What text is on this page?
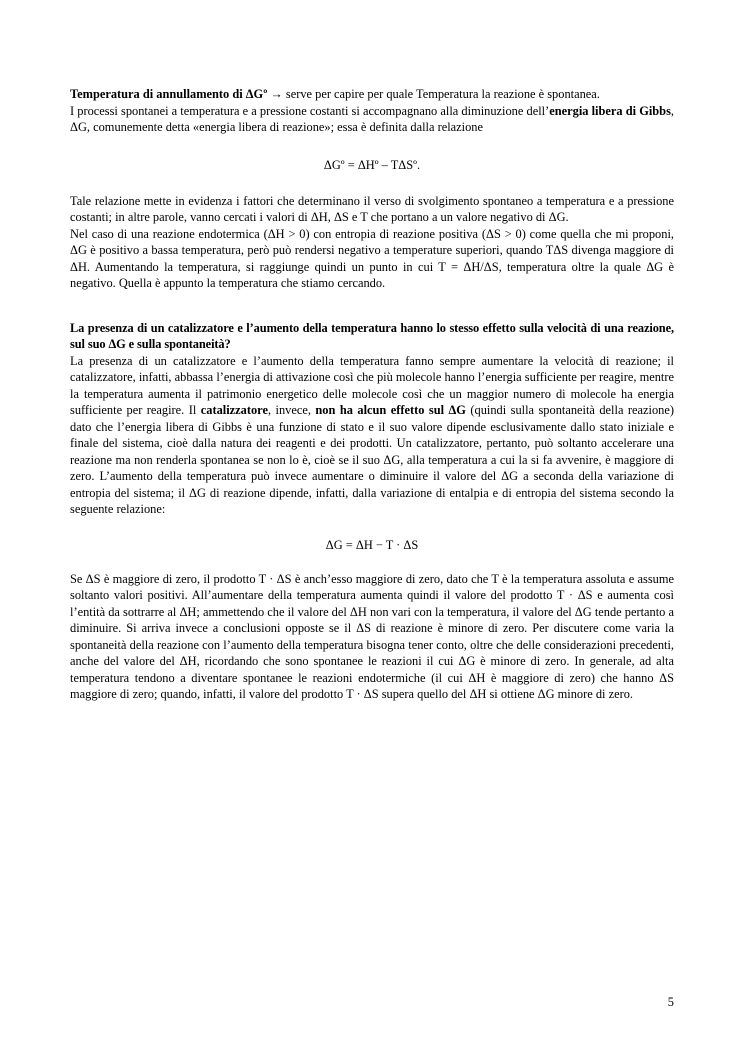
Temperatura di annullamento di ΔGº → serve per capire per quale Temperatura la reazione è spontanea.

I processi spontanei a temperatura e a pressione costanti si accompagnano alla diminuzione dell’energia libera di Gibbs, ΔG, comunemente detta «energia libera di reazione»; essa è definita dalla relazione

ΔGº = ΔHº – TΔSº.

Tale relazione mette in evidenza i fattori che determinano il verso di svolgimento spontaneo a temperatura e a pressione costanti; in altre parole, vanno cercati i valori di ΔH, ΔS e T che portano a un valore negativo di ΔG.

Nel caso di una reazione endotermica (ΔH > 0) con entropia di reazione positiva (ΔS > 0) come quella che mi proponi, ΔG è positivo a bassa temperatura, però può rendersi negativo a temperature superiori, quando TΔS divenga maggiore di ΔH. Aumentando la temperatura, si raggiunge quindi un punto in cui T = ΔH/ΔS, temperatura oltre la quale ΔG è negativo. Quella è appunto la temperatura che stiamo cercando.

La presenza di un catalizzatore e l’aumento della temperatura hanno lo stesso effetto sulla velocità di una reazione, sul suo ΔG e sulla spontaneità?

La presenza di un catalizzatore e l’aumento della temperatura fanno sempre aumentare la velocità di reazione; il catalizzatore, infatti, abbassa l’energia di attivazione così che più molecole hanno l’energia sufficiente per reagire, mentre la temperatura aumenta il patrimonio energetico delle molecole così che un maggior numero di molecole ha energia sufficiente per reagire. Il catalizzatore, invece, non ha alcun effetto sul ΔG (quindi sulla spontaneità della reazione) dato che l’energia libera di Gibbs è una funzione di stato e il suo valore dipende esclusivamente dallo stato iniziale e finale del sistema, cioè dalla natura dei reagenti e dei prodotti. Un catalizzatore, pertanto, può soltanto accelerare una reazione ma non renderla spontanea se non lo è, cioè se il suo ΔG, alla temperatura a cui la si fa avvenire, è maggiore di zero. L’aumento della temperatura può invece aumentare o diminuire il valore del ΔG a seconda della variazione di entropia del sistema; il ΔG di reazione dipende, infatti, dalla variazione di entalpia e di entropia del sistema secondo la seguente relazione:

ΔG = ΔH − T · ΔS

Se ΔS è maggiore di zero, il prodotto T · ΔS è anch’esso maggiore di zero, dato che T è la temperatura assoluta e assume soltanto valori positivi. All’aumentare della temperatura aumenta quindi il valore del prodotto T · ΔS e aumenta così l’entità da sottrarre al ΔH; ammettendo che il valore del ΔH non vari con la temperatura, il valore del ΔG tende pertanto a diminuire. Si arriva invece a conclusioni opposte se il ΔS di reazione è minore di zero. Per discutere come varia la spontaneità della reazione con l’aumento della temperatura bisogna tener conto, oltre che delle considerazioni precedenti, anche del valore del ΔH, ricordando che sono spontanee le reazioni il cui ΔG è minore di zero. In generale, ad alta temperatura tendono a diventare spontanee le reazioni endotermiche (il cui ΔH è maggiore di zero) che hanno ΔS maggiore di zero; quando, infatti, il valore del prodotto T · ΔS supera quello del ΔH si ottiene ΔG minore di zero.

5
